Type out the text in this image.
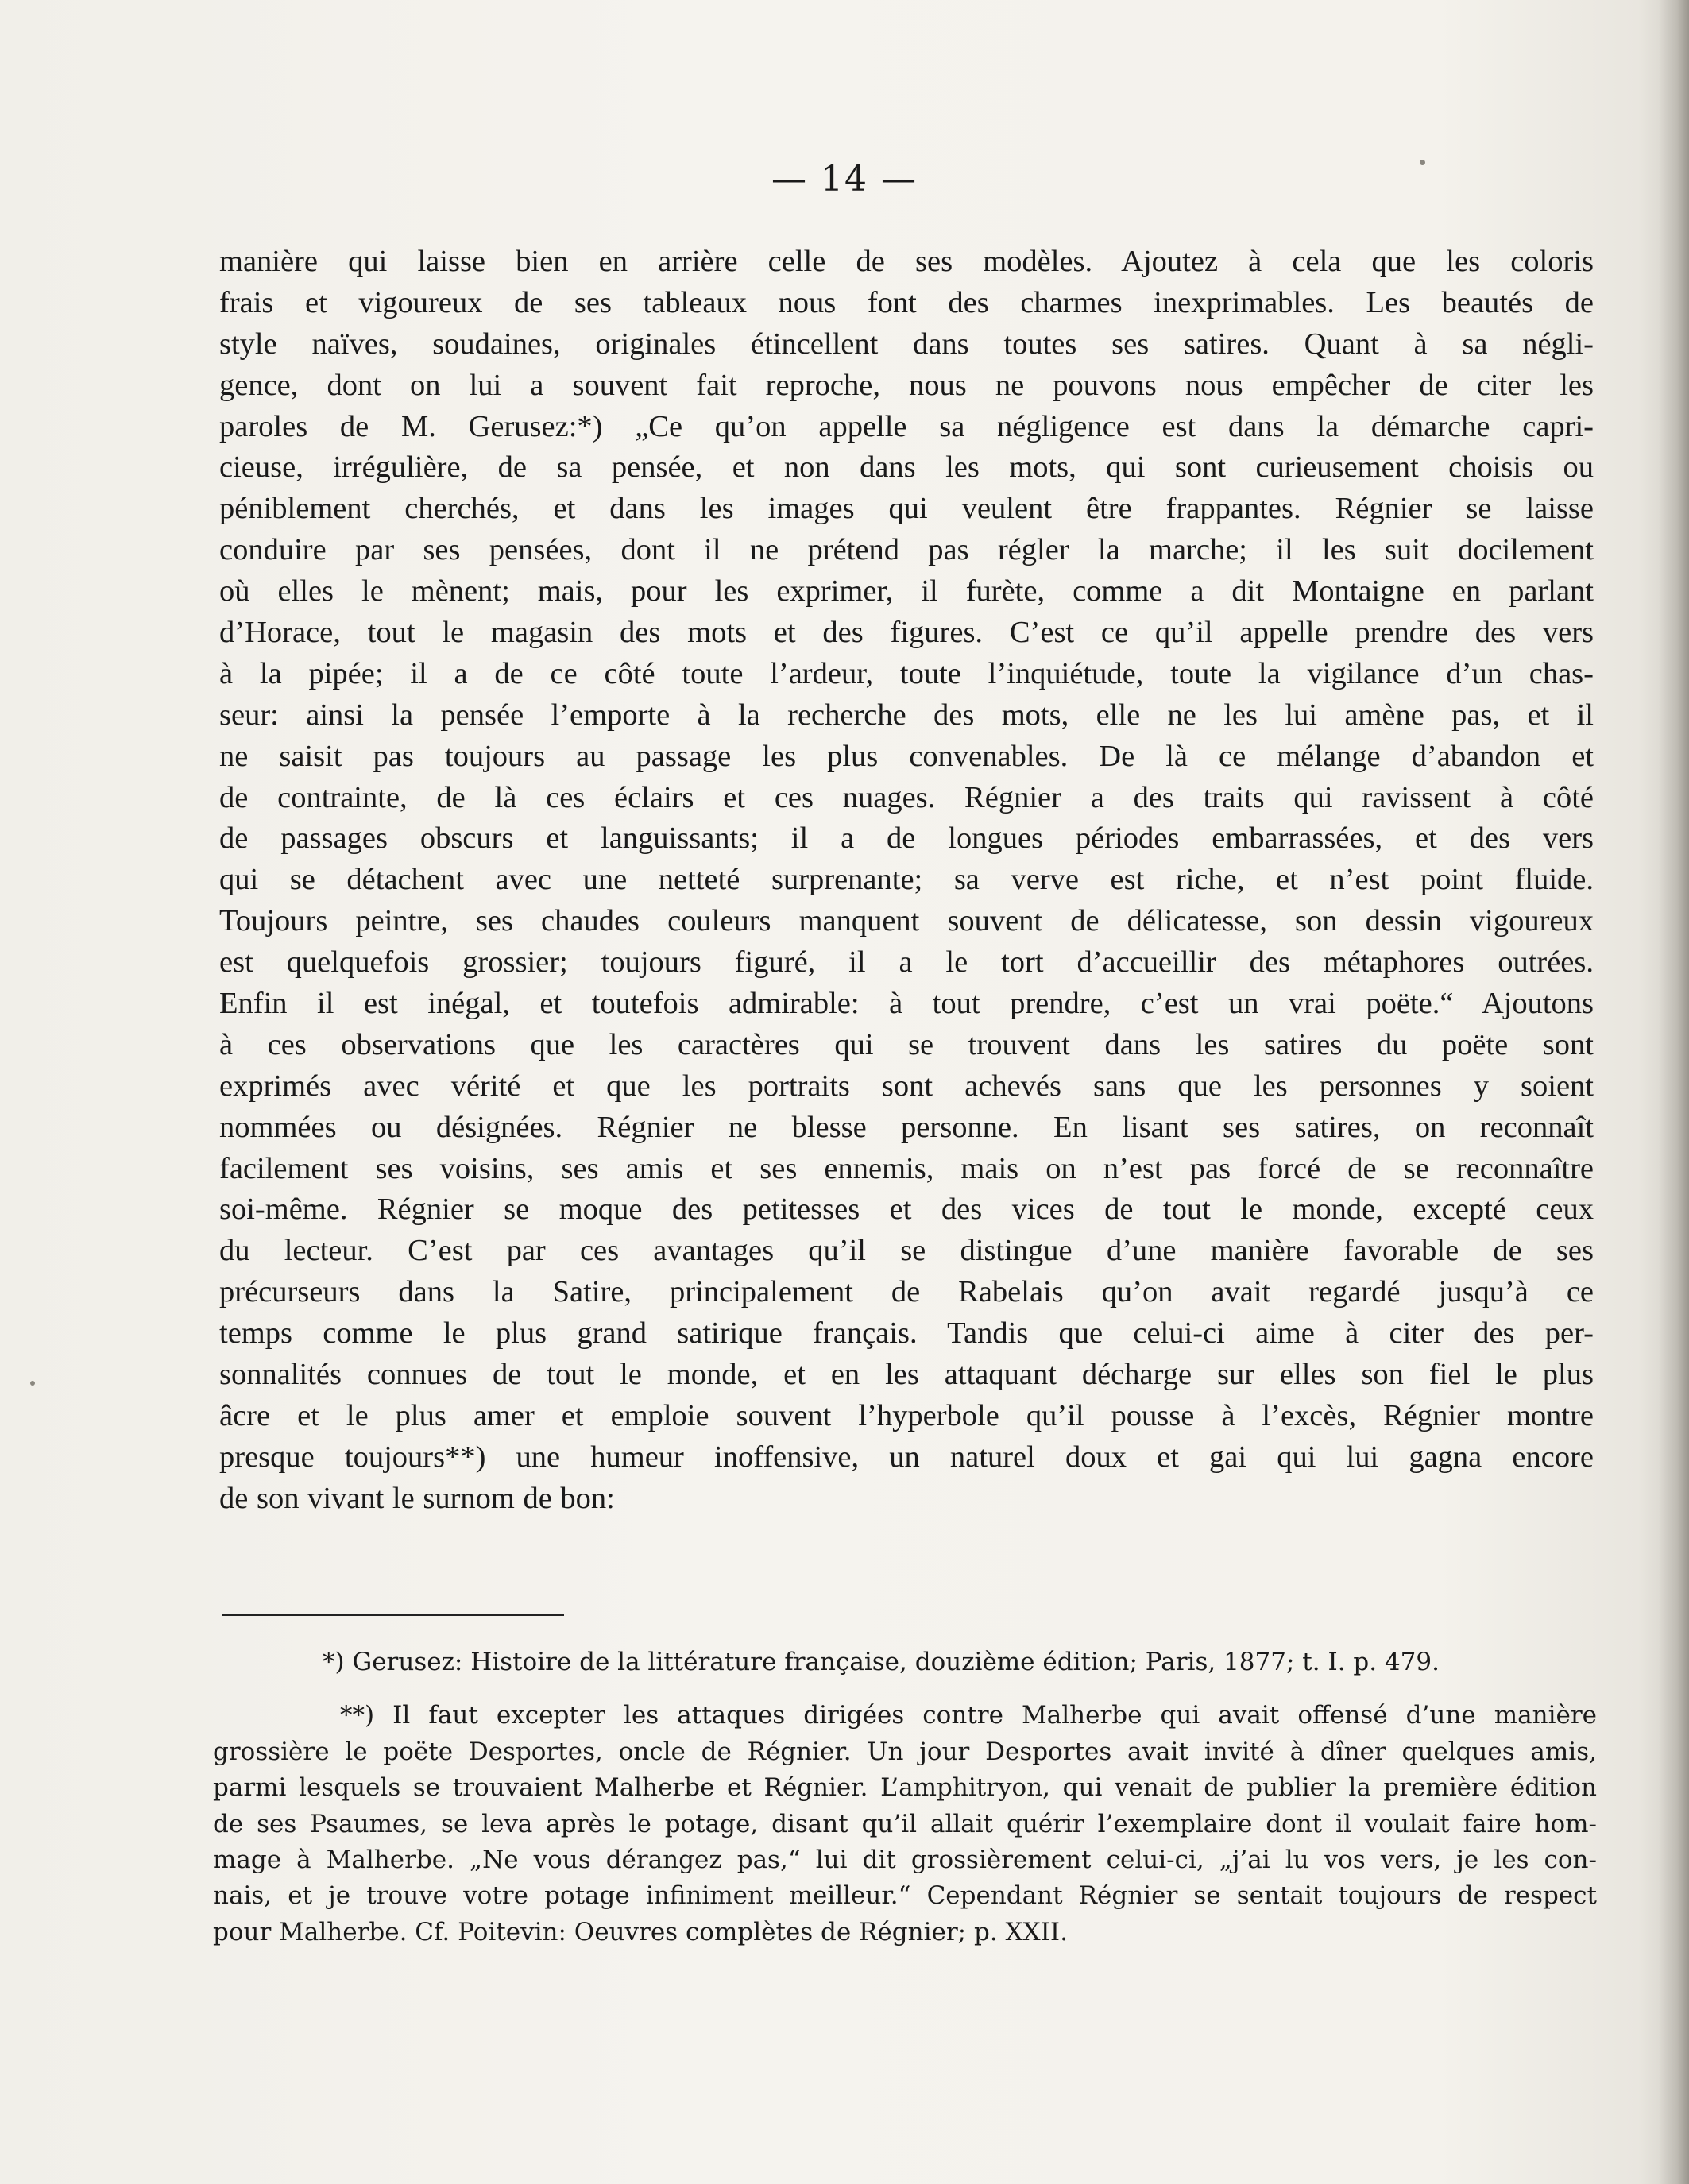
— 14 —
manière qui laisse bien en arrière celle de ses modèles. Ajoutez à cela que les coloris
frais et vigoureux de ses tableaux nous font des charmes inexprimables. Les beautés de
style naïves, soudaines, originales étincellent dans toutes ses satires. Quant à sa négli-
gence, dont on lui a souvent fait reproche, nous ne pouvons nous empêcher de citer les
paroles de M. Gerusez:*) „Ce qu’on appelle sa négligence est dans la démarche capri-
cieuse, irrégulière, de sa pensée, et non dans les mots, qui sont curieusement choisis ou
péniblement cherchés, et dans les images qui veulent être frappantes. Régnier se laisse
conduire par ses pensées, dont il ne prétend pas régler la marche; il les suit docilement
où elles le mènent; mais, pour les exprimer, il furète, comme a dit Montaigne en parlant
d’Horace, tout le magasin des mots et des figures. C’est ce qu’il appelle prendre des vers
à la pipée; il a de ce côté toute l’ardeur, toute l’inquiétude, toute la vigilance d’un chas-
seur: ainsi la pensée l’emporte à la recherche des mots, elle ne les lui amène pas, et il
ne saisit pas toujours au passage les plus convenables. De là ce mélange d’abandon et
de contrainte, de là ces éclairs et ces nuages. Régnier a des traits qui ravissent à côté
de passages obscurs et languissants; il a de longues périodes embarrassées, et des vers
qui se détachent avec une netteté surprenante; sa verve est riche, et n’est point fluide.
Toujours peintre, ses chaudes couleurs manquent souvent de délicatesse, son dessin vigoureux
est quelquefois grossier; toujours figuré, il a le tort d’accueillir des métaphores outrées.
Enfin il est inégal, et toutefois admirable: à tout prendre, c’est un vrai poëte.“ Ajoutons
à ces observations que les caractères qui se trouvent dans les satires du poëte sont
exprimés avec vérité et que les portraits sont achevés sans que les personnes y soient
nommées ou désignées. Régnier ne blesse personne. En lisant ses satires, on reconnaît
facilement ses voisins, ses amis et ses ennemis, mais on n’est pas forcé de se reconnaître
soi-même. Régnier se moque des petitesses et des vices de tout le monde, excepté ceux
du lecteur. C’est par ces avantages qu’il se distingue d’une manière favorable de ses
précurseurs dans la Satire, principalement de Rabelais qu’on avait regardé jusqu’à ce
temps comme le plus grand satirique français. Tandis que celui-ci aime à citer des per-
sonnalités connues de tout le monde, et en les attaquant décharge sur elles son fiel le plus
âcre et le plus amer et emploie souvent l’hyperbole qu’il pousse à l’excès, Régnier montre
presque toujours**) une humeur inoffensive, un naturel doux et gai qui lui gagna encore
de son vivant le surnom de bon:
*) Gerusez: Histoire de la littérature française, douzième édition; Paris, 1877; t. I. p. 479.
**) Il faut excepter les attaques dirigées contre Malherbe qui avait offensé d’une manière
grossière le poëte Desportes, oncle de Régnier. Un jour Desportes avait invité à dîner quelques amis,
parmi lesquels se trouvaient Malherbe et Régnier. L’amphitryon, qui venait de publier la première édition
de ses Psaumes, se leva après le potage, disant qu’il allait quérir l’exemplaire dont il voulait faire hom-
mage à Malherbe. „Ne vous dérangez pas,“ lui dit grossièrement celui-ci, „j’ai lu vos vers, je les con-
nais, et je trouve votre potage infiniment meilleur.“ Cependant Régnier se sentait toujours de respect
pour Malherbe. Cf. Poitevin: Oeuvres complètes de Régnier; p. XXII.
